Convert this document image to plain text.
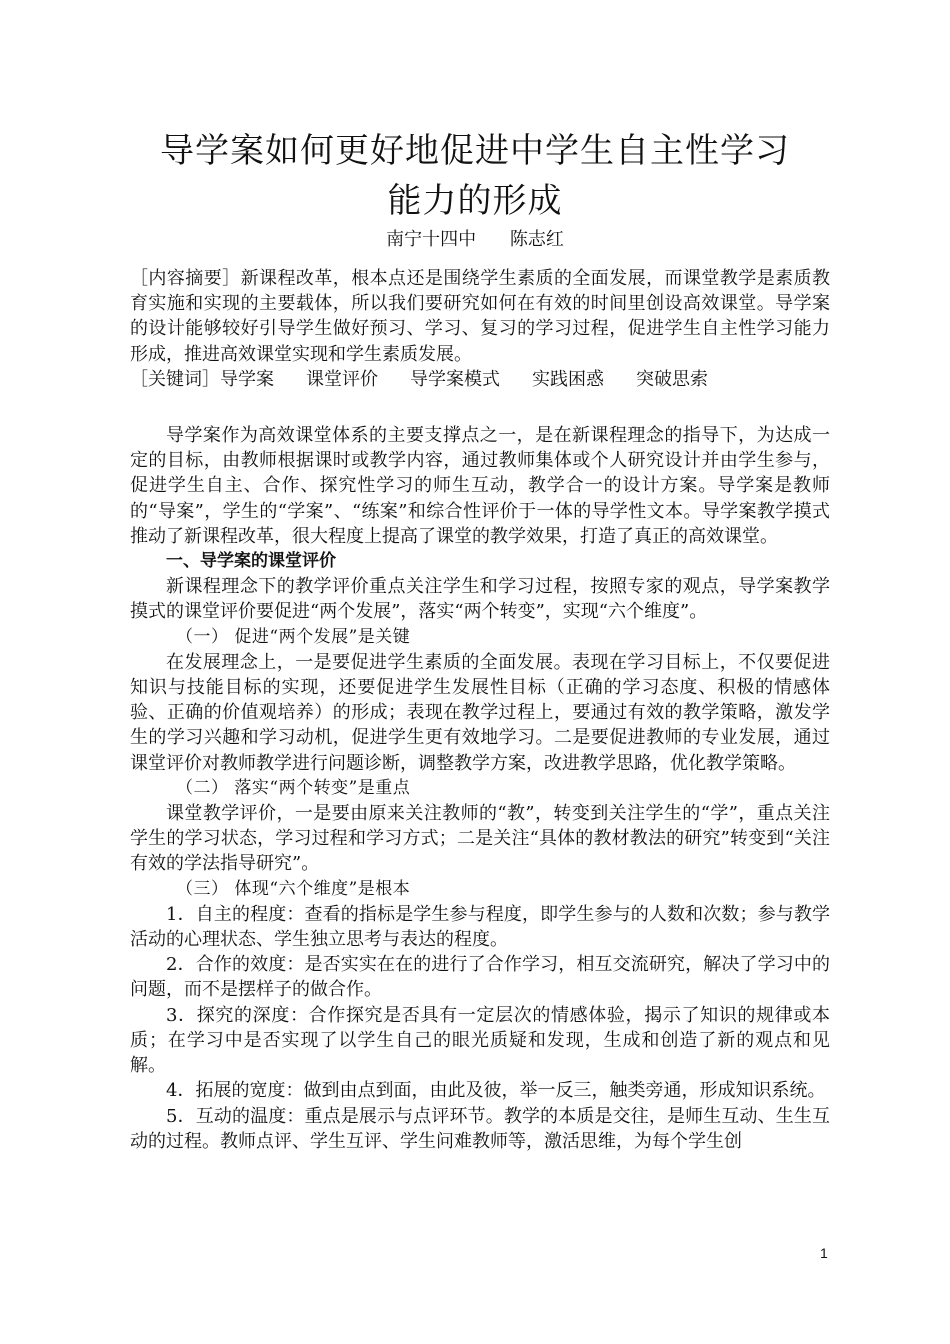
导学案如何更好地促进中学生自主性学习
能力的形成
南宁十四中 陈志红

［内容摘要］新课程改革，根本点还是围绕学生素质的全面发展，而课堂教学是素质教育实施和实现的主要载体，所以我们要研究如何在有效的时间里创设高效课堂。导学案的设计能够较好引导学生做好预习、学习、复习的学习过程，促进学生自主性学习能力形成，推进高效课堂实现和学生素质发展。

［关键词］导学案 课堂评价 导学案模式 实践困惑 突破思索

导学案作为高效课堂体系的主要支撑点之一，是在新课程理念的指导下，为达成一定的目标，由教师根据课时或教学内容，通过教师集体或个人研究设计并由学生参与，促进学生自主、合作、探究性学习的师生互动，教学合一的设计方案。导学案是教师的“导案”，学生的“学案”、“练案”和综合性评价于一体的导学性文本。导学案教学摸式推动了新课程改革，很大程度上提高了课堂的教学效果，打造了真正的高效课堂。

一、导学案的课堂评价

新课程理念下的教学评价重点关注学生和学习过程，按照专家的观点，导学案教学摸式的课堂评价要促进“两个发展”，落实“两个转变”，实现“六个维度”。

（一） 促进“两个发展”是关键

在发展理念上，一是要促进学生素质的全面发展。表现在学习目标上，不仅要促进知识与技能目标的实现，还要促进学生发展性目标（正确的学习态度、积极的情感体验、正确的价值观培养）的形成；表现在教学过程上，要通过有效的教学策略，激发学生的学习兴趣和学习动机，促进学生更有效地学习。二是要促进教师的专业发展，通过课堂评价对教师教学进行问题诊断，调整教学方案，改进教学思路，优化教学策略。

（二） 落实“两个转变”是重点

课堂教学评价，一是要由原来关注教师的“教”，转变到关注学生的“学”，重点关注学生的学习状态，学习过程和学习方式；二是关注“具体的教材教法的研究”转变到“关注有效的学法指导研究”。

（三） 体现“六个维度”是根本

1．自主的程度：查看的指标是学生参与程度，即学生参与的人数和次数；参与教学活动的心理状态、学生独立思考与表达的程度。

2．合作的效度：是否实实在在的进行了合作学习，相互交流研究，解决了学习中的问题，而不是摆样子的做合作。

3．探究的深度：合作探究是否具有一定层次的情感体验，揭示了知识的规律或本质；在学习中是否实现了以学生自己的眼光质疑和发现，生成和创造了新的观点和见解。

4．拓展的宽度：做到由点到面，由此及彼，举一反三，触类旁通，形成知识系统。

5．互动的温度：重点是展示与点评环节。教学的本质是交往，是师生互动、生生互动的过程。教师点评、学生互评、学生问难教师等，激活思维，为每个学生创

1
